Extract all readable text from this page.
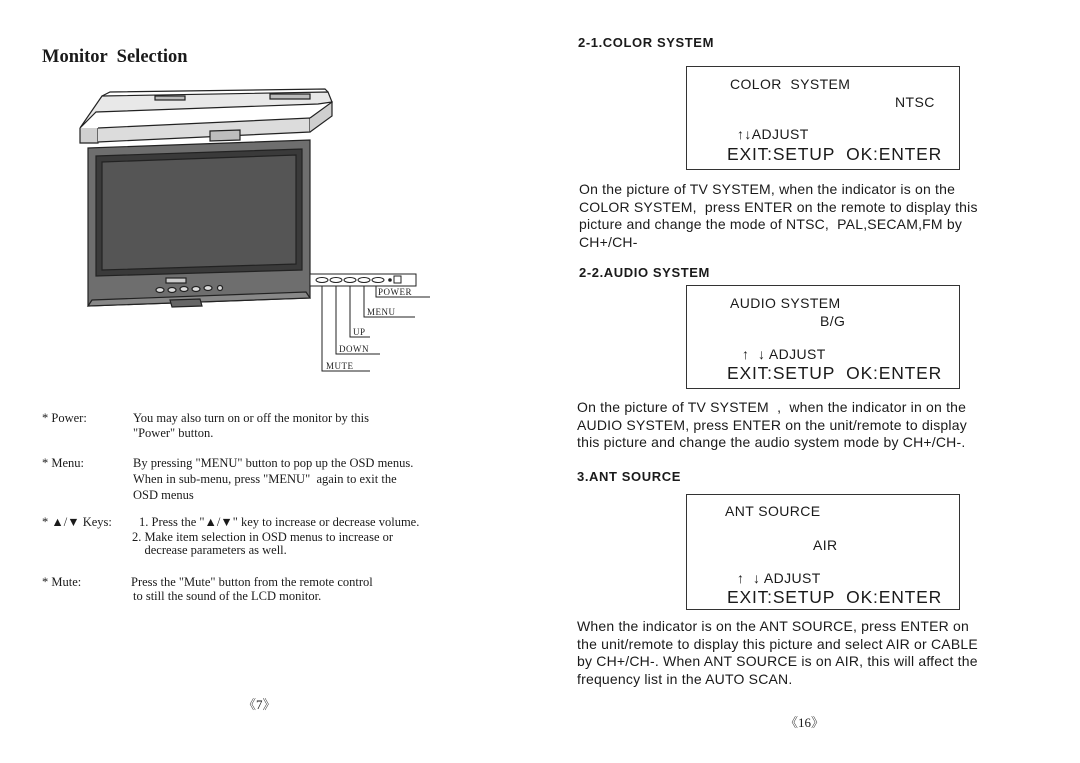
Monitor  Selection
POWER
MENU
UP
DOWN
MUTE
* Power:	You may also turn on or off the monitor by this
"Power" button.
* Menu:	By pressing "MENU" button to pop up the OSD menus.
When in sub-menu, press "MENU"  again to exit the
OSD menus
* ▲/▼ Keys: 1. Press the "▲/▼" key to increase or decrease volume.
2. Make item selection in OSD menus to increase or
decrease parameters as well.
* Mute:	Press the "Mute" button from the remote control
to still the sound of the LCD monitor.
《7》
2-1.COLOR SYSTEM
COLOR  SYSTEM
NTSC
↑↓ADJUST
EXIT:SETUP  OK:ENTER
On the picture of TV SYSTEM, when the indicator is on the
COLOR SYSTEM,  press ENTER on the remote to display this
picture and change the mode of NTSC,  PAL,SECAM,FM by
CH+/CH-
2-2.AUDIO SYSTEM
AUDIO SYSTEM
B/G
↑  ↓ ADJUST
EXIT:SETUP  OK:ENTER
On the picture of TV SYSTEM  ,  when the indicator in on the
AUDIO SYSTEM, press ENTER on the unit/remote to display
this picture and change the audio system mode by CH+/CH-.
3.ANT SOURCE
ANT SOURCE
AIR
↑  ↓ ADJUST
EXIT:SETUP  OK:ENTER
When the indicator is on the ANT SOURCE, press ENTER on
the unit/remote to display this picture and select AIR or CABLE
by CH+/CH-. When ANT SOURCE is on AIR, this will affect the
frequency list in the AUTO SCAN.
《16》
